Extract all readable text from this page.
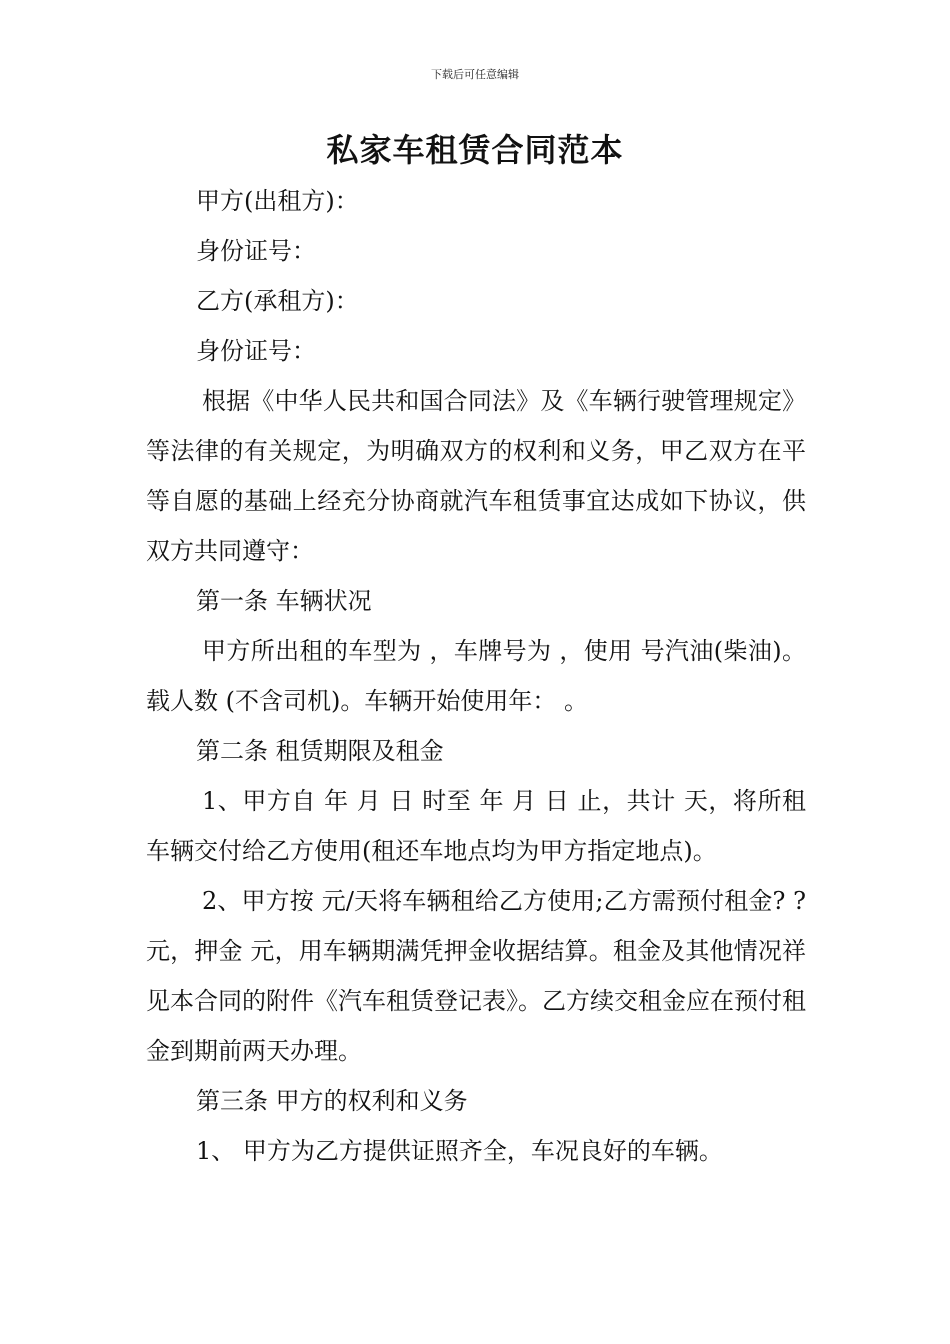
下载后可任意编辑
私家车租赁合同范本

甲方(出租方)：

身份证号：

乙方(承租方)：

身份证号：

根据《中华人民共和国合同法》及《车辆行驶管理规定》等法律的有关规定，为明确双方的权利和义务，甲乙双方在平等自愿的基础上经充分协商就汽车租赁事宜达成如下协议，供双方共同遵守：

第一条 车辆状况

甲方所出租的车型为 ，车牌号为 ，使用 号汽油(柴油)。载人数 (不含司机)。车辆开始使用年： 。

第二条 租赁期限及租金

1、甲方自 年 月 日 时至 年 月 日 止，共计 天，将所租车辆交付给乙方使用(租还车地点均为甲方指定地点)。

2、甲方按 元/天将车辆租给乙方使用;乙方需预付租金? ?元，押金 元，用车辆期满凭押金收据结算。租金及其他情况祥见本合同的附件《汽车租赁登记表》。乙方续交租金应在预付租金到期前两天办理。

第三条 甲方的权利和义务

1、 甲方为乙方提供证照齐全，车况良好的车辆。
